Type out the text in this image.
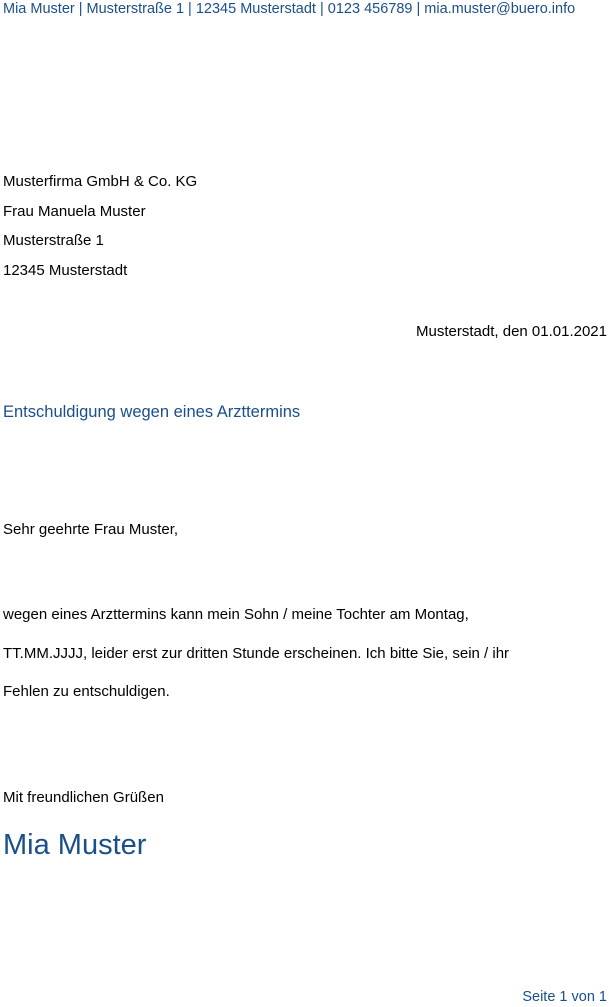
Mia Muster | Musterstraße 1 | 12345 Musterstadt | 0123 456789 | mia.muster@buero.info
Musterfirma GmbH & Co. KG
Frau Manuela Muster
Musterstraße 1
12345 Musterstadt
Musterstadt, den 01.01.2021
Entschuldigung wegen eines Arzttermins
Sehr geehrte Frau Muster,
wegen eines Arzttermins kann mein Sohn / meine Tochter am Montag,
TT.MM.JJJJ, leider erst zur dritten Stunde erscheinen. Ich bitte Sie, sein / ihr
Fehlen zu entschuldigen.
Mit freundlichen Grüßen
Mia Muster
Seite 1 von 1
